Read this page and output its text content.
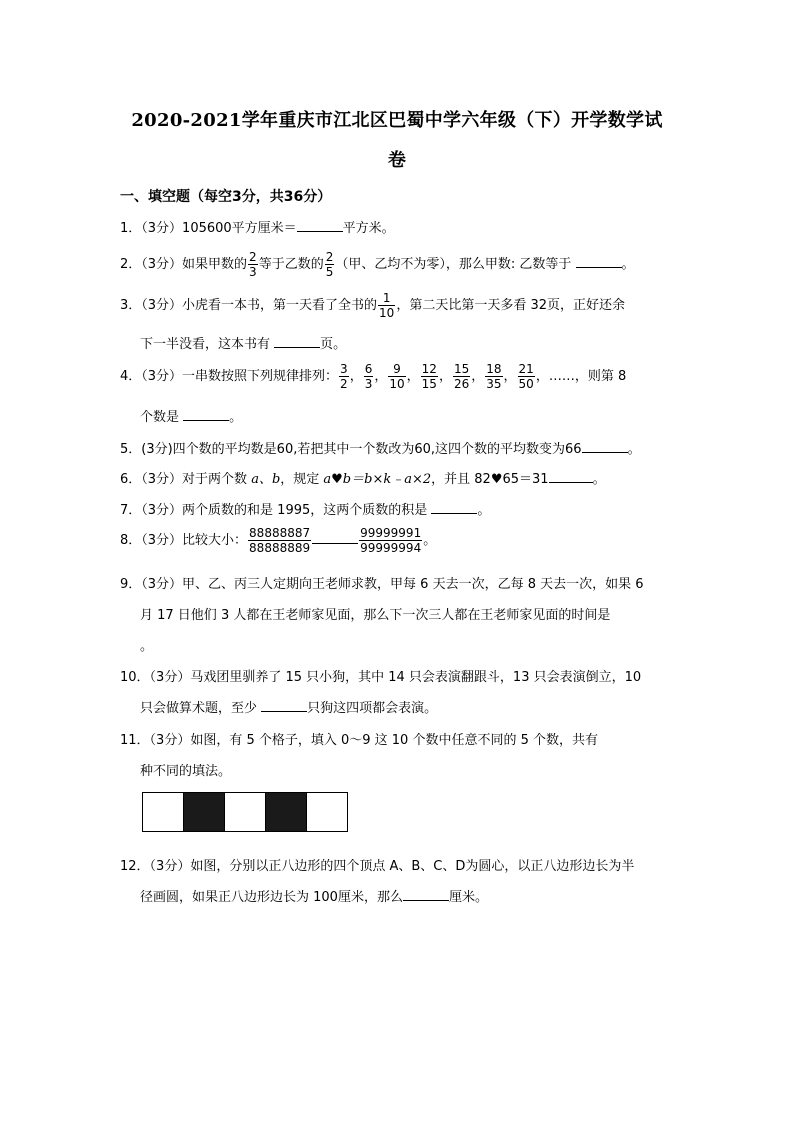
2020-2021学年重庆市江北区巴蜀中学六年级（下）开学数学试
卷
一、填空题（每空3分，共36分）
1．（3分）105600平方厘米＝	平方米。
2．（3分）如果甲数的 $\frac{2}{3}$ 等于乙数的 $\frac{2}{5}$ （甲、乙均不为零），那么甲数: 乙数等于	。
3．（3分）小虎看一本书，第一天看了全书的 $\frac{1}{10}$ ，第二天比第一天多看 32页，正好还余
下一半没看，这本书有	页。
4．（3分）一串数按照下列规律排列： $\frac{3}{2}$ ， $\frac{6}{3}$ ， $\frac{9}{10}$ ， $\frac{12}{15}$ ， $\frac{15}{26}$ ， $\frac{18}{35}$ ， $\frac{21}{50}$ ，……，则第 8
个数是	。
5．(3分)四个数的平均数是60,若把其中一个数改为60,这四个数的平均数变为66	。
6．（3分）对于两个数 a、b，规定 a♥b＝b×k﹣a×2，并且 82♥65＝31	。
7．（3分）两个质数的和是 1995，这两个质数的积是	。
8．（3分）比较大小： $\frac{88888887}{88888889}$	$\frac{99999991}{99999994}$ 。
9．（3分）甲、乙、丙三人定期向王老师求教，甲每 6 天去一次，乙每 8 天去一次，如果 6
月 17 日他们 3 人都在王老师家见面，那么下一次三人都在王老师家见面的时间是
。
10．（3分）马戏团里驯养了 15 只小狗，其中 14 只会表演翻跟斗，13 只会表演倒立，10
只会做算术题，至少	只狗这四项都会表演。
11．（3分）如图，有 5 个格子，填入 0～9 这 10 个数中任意不同的 5 个数，共有
种不同的填法。
12．（3分）如图，分别以正八边形的四个顶点 A、B、C、D为圆心，以正八边形边长为半
径画圆，如果正八边形边长为 100厘米，那么	厘米。
